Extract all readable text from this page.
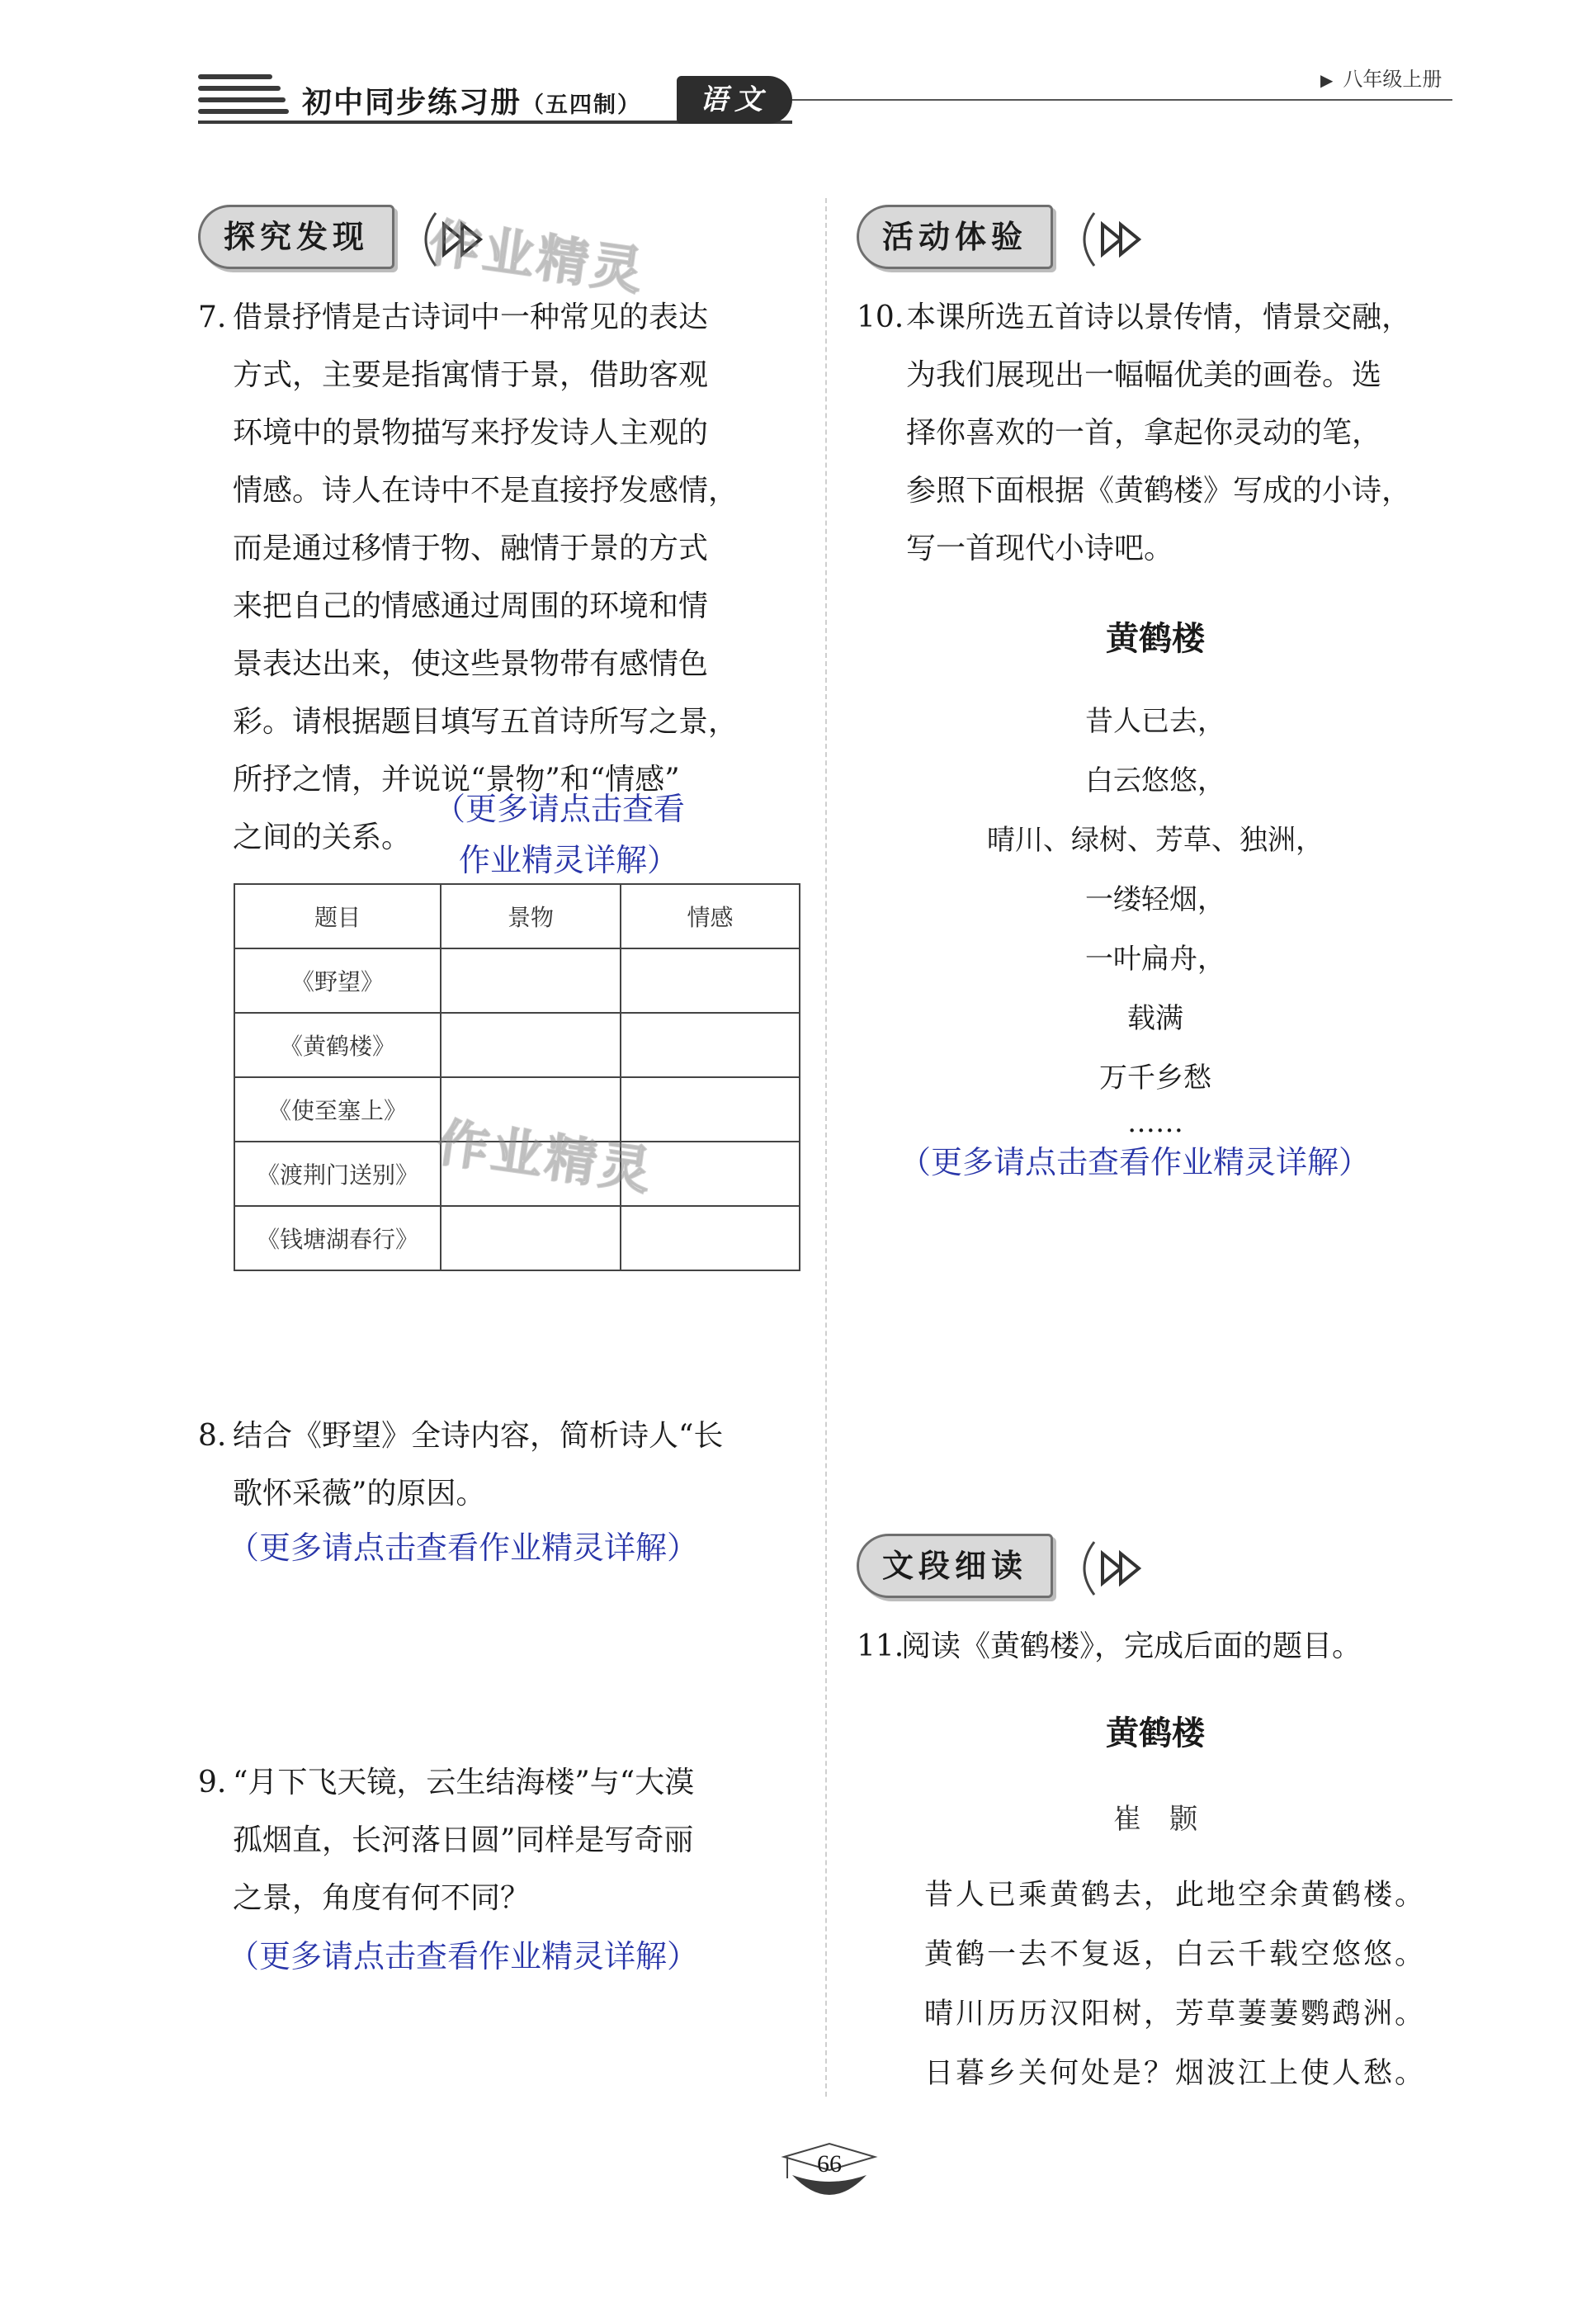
初中同步练习册（五四制）	语文
▶ 八年级上册
探究发现	作业精灵
7. 借景抒情是古诗词中一种常见的表达
方式，主要是指寓情于景，借助客观
环境中的景物描写来抒发诗人主观的
情感。诗人在诗中不是直接抒发感情，
而是通过移情于物、融情于景的方式
来把自己的情感通过周围的环境和情
景表达出来，使这些景物带有感情色
彩。请根据题目填写五首诗所写之景，
所抒之情，并说说“景物”和“情感”
之间的关系。
（更多请点击查看
作业精灵详解）
题目	景物	情感
《野望》		
《黄鹤楼》		
《使至塞上》		
《渡荆门送别》		
《钱塘湖春行》		
作业精灵
8. 结合《野望》全诗内容，简析诗人“长
歌怀采薇”的原因。
（更多请点击查看作业精灵详解）
9. “月下飞天镜，云生结海楼”与“大漠
孤烟直，长河落日圆”同样是写奇丽
之景，角度有何不同？
（更多请点击查看作业精灵详解）
活动体验
10. 本课所选五首诗以景传情，情景交融，
为我们展现出一幅幅优美的画卷。选
择你喜欢的一首，拿起你灵动的笔，
参照下面根据《黄鹤楼》写成的小诗，
写一首现代小诗吧。
黄鹤楼
昔人已去，
白云悠悠，
晴川、绿树、芳草、独洲，
一缕轻烟，
一叶扁舟，
载满
万千乡愁
……
（更多请点击查看作业精灵详解）
文段细读
11.
阅读《黄鹤楼》，完成后面的题目。
黄鹤楼
崔　颢
昔人已乘黄鹤去，此地空余黄鹤楼。
黄鹤一去不复返，白云千载空悠悠。
晴川历历汉阳树，芳草萋萋鹦鹉洲。
日暮乡关何处是？烟波江上使人愁。
66
